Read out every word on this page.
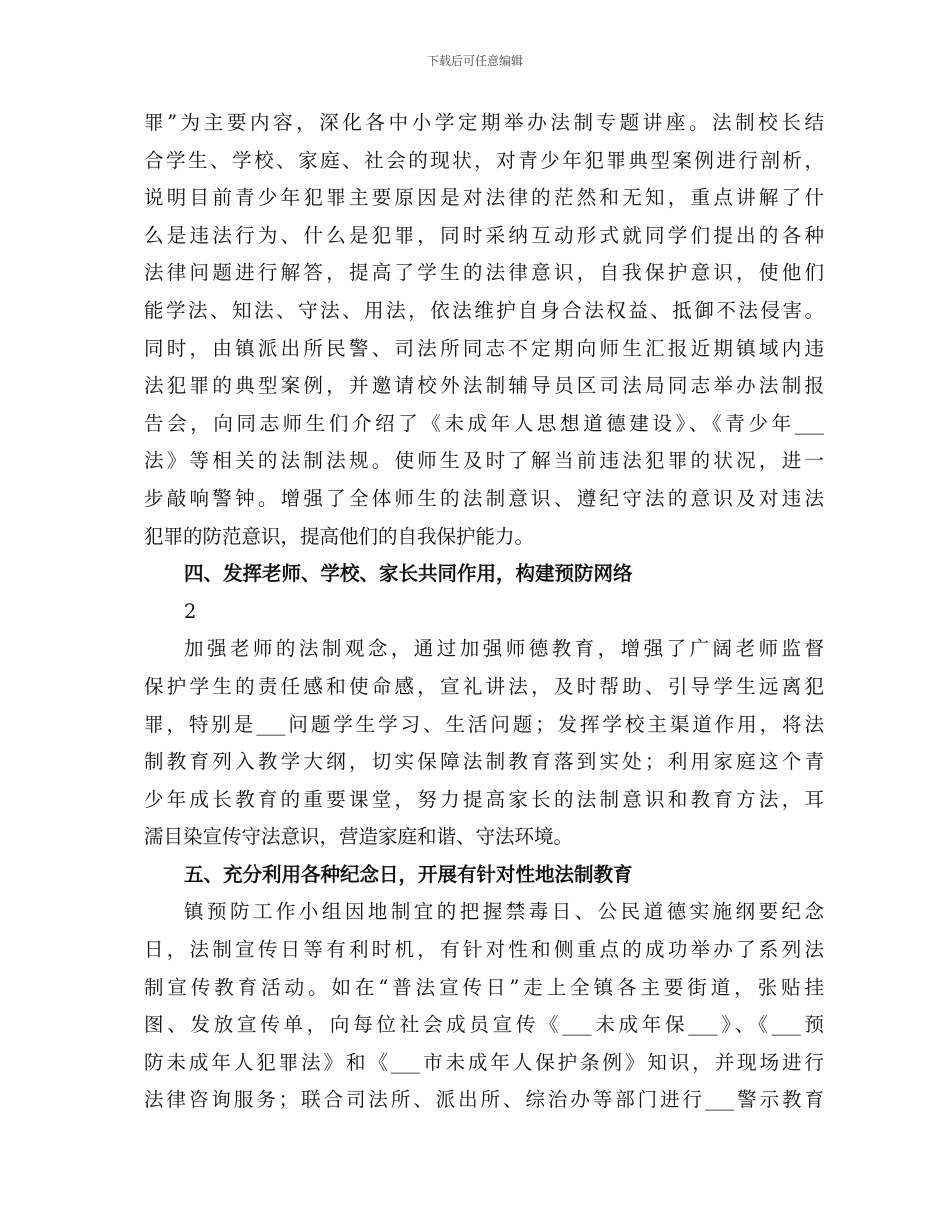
下载后可任意编辑
罪”为主要内容，深化各中小学定期举办法制专题讲座。法制校长结
合学生、学校、家庭、社会的现状，对青少年犯罪典型案例进行剖析，
说明目前青少年犯罪主要原因是对法律的茫然和无知，重点讲解了什
么是违法行为、什么是犯罪，同时采纳互动形式就同学们提出的各种
法律问题进行解答，提高了学生的法律意识，自我保护意识，使他们
能学法、知法、守法、用法，依法维护自身合法权益、抵御不法侵害。
同时，由镇派出所民警、司法所同志不定期向师生汇报近期镇域内违
法犯罪的典型案例，并邀请校外法制辅导员区司法局同志举办法制报
告会，向同志师生们介绍了《未成年人思想道德建设》、《青少年___
法》等相关的法制法规。使师生及时了解当前违法犯罪的状况，进一
步敲响警钟。增强了全体师生的法制意识、遵纪守法的意识及对违法
犯罪的防范意识，提高他们的自我保护能力。
四、发挥老师、学校、家长共同作用，构建预防网络
2
加强老师的法制观念，通过加强师德教育，增强了广阔老师监督
保护学生的责任感和使命感，宣礼讲法，及时帮助、引导学生远离犯
罪，特别是___问题学生学习、生活问题；发挥学校主渠道作用，将法
制教育列入教学大纲，切实保障法制教育落到实处；利用家庭这个青
少年成长教育的重要课堂，努力提高家长的法制意识和教育方法，耳
濡目染宣传守法意识，营造家庭和谐、守法环境。
五、充分利用各种纪念日，开展有针对性地法制教育
镇预防工作小组因地制宜的把握禁毒日、公民道德实施纲要纪念
日，法制宣传日等有利时机，有针对性和侧重点的成功举办了系列法
制宣传教育活动。如在“普法宣传日”走上全镇各主要街道，张贴挂
图、发放宣传单，向每位社会成员宣传《___未成年保___》、《___预
防未成年人犯罪法》和《___市未成年人保护条例》知识，并现场进行
法律咨询服务；联合司法所、派出所、综治办等部门进行___警示教育
